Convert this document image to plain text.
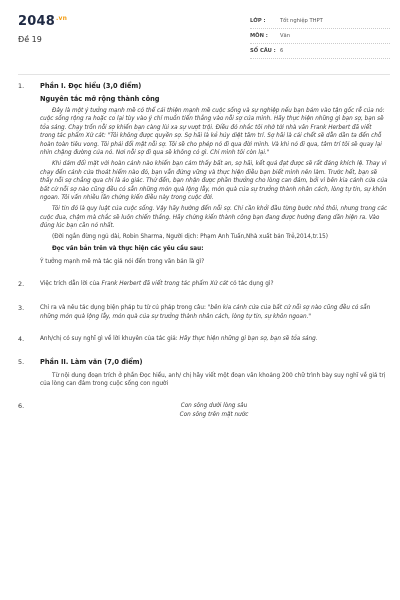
$2048^{.vn}$
Đề 19
LỚP :	Tốt nghiệp THPT
MÔN :	Văn
SỐ CÂU : 6
1. Phần I. Đọc hiểu (3,0 điểm)

Nguyên tắc mở rộng thành công

Đây là một ý tưởng mạnh mẽ có thể cải thiện mạnh mẽ cuộc sống và sự nghiệp nếu bạn bám vào tận gốc rễ của nó: cuộc sống rộng ra hoặc co lại tùy vào ý chí muốn tiến thẳng vào nỗi sợ của mình. Hãy thực hiện những gì bạn sợ, bạn sẽ tỏa sáng. Chạy trốn nỗi sợ khiến bạn càng lùi xa sự vượt trội. Điều đó nhắc tôi nhớ tới nhà văn Frank Herbert đã viết trong tác phẩm Xứ cát: "Tôi không được quyền sợ. Sợ hãi là kẻ hủy diệt tâm trí. Sợ hãi là cái chết sẽ dẫn dần ta đến chỗ hoàn toàn tiêu vong. Tôi phải đối mặt nỗi sợ. Tôi sẽ cho phép nó đi qua đời mình. Và khi nó đi qua, tâm trí tôi sẽ quay lại nhìn chặng đường của nó. Nơi nỗi sợ đi qua sẽ không có gì. Chỉ mình tôi còn lại."

Khi dám đối mặt với hoàn cảnh nào khiến bạn cảm thấy bất an, sợ hãi, kết quả đạt được sẽ rất đáng khích lệ. Thay vì chạy đến cảnh cửa thoát hiểm nào đó, bạn vẫn đứng vững và thực hiện điều bạn biết mình nên làm. Trước hết, bạn sẽ thấy nỗi sợ chẳng qua chỉ là ảo giác. Thứ đến, bạn nhận được phần thưởng cho lòng can đảm, bởi vì bên kia cánh cửa của bất cứ nỗi sợ nào cũng đều có sẵn những món quà lộng lẫy, món quà của sự trưởng thành nhân cách, lòng tự tin, sự khôn ngoan. Tôi vấn nhiều lần chứng kiến điều này trong cuộc đời.

Tôi tin đó là quy luật của cuộc sống. Vậy hãy hướng đến nỗi sợ. Chỉ cần khởi đầu từng bước nhỏ thôi, nhưng trong các cuộc đua, chậm mà chắc sẽ luôn chiến thắng. Hãy chứng kiến thành công bạn đang được hướng đang dần hiện ra. Vào đúng lúc bạn cần nó nhất.

(Đời ngắn đừng ngủ dài, Robin Sharma, Người dịch: Phạm Anh Tuấn,Nhà xuất bản Trẻ,2014,tr.15)

Đọc văn bản trên và thực hiện các yêu cầu sau:

Ý tưởng mạnh mẽ mà tác giả nói đến trong văn bản là gì?

2.	Việc trích dẫn lời của Frank Herbert đã viết trong tác phẩm Xứ cát có tác dụng gì?

3.	Chỉ ra và nêu tác dụng biện pháp tu từ cú pháp trong câu: "bên kia cánh cửa của bất cứ nỗi sợ nào cũng đều có sẵn những món quà lộng lẫy, món quà của sự trưởng thành nhân cách, lòng tự tin, sự khôn ngoan."

4.	Anh/chị có suy nghĩ gì về lời khuyên của tác giả: Hãy thực hiện những gì bạn sợ, bạn sẽ tỏa sáng.

5. Phần II. Làm văn (7,0 điểm)

Từ nội dung đoạn trích ở phần Đọc hiểu, anh/ chị hãy viết một đoạn văn khoảng 200 chữ trình bày suy nghĩ về giá trị của lòng can đảm trong cuộc sống con người

6.	Con sông dưới lòng sâu

Con sông trên mặt nước
